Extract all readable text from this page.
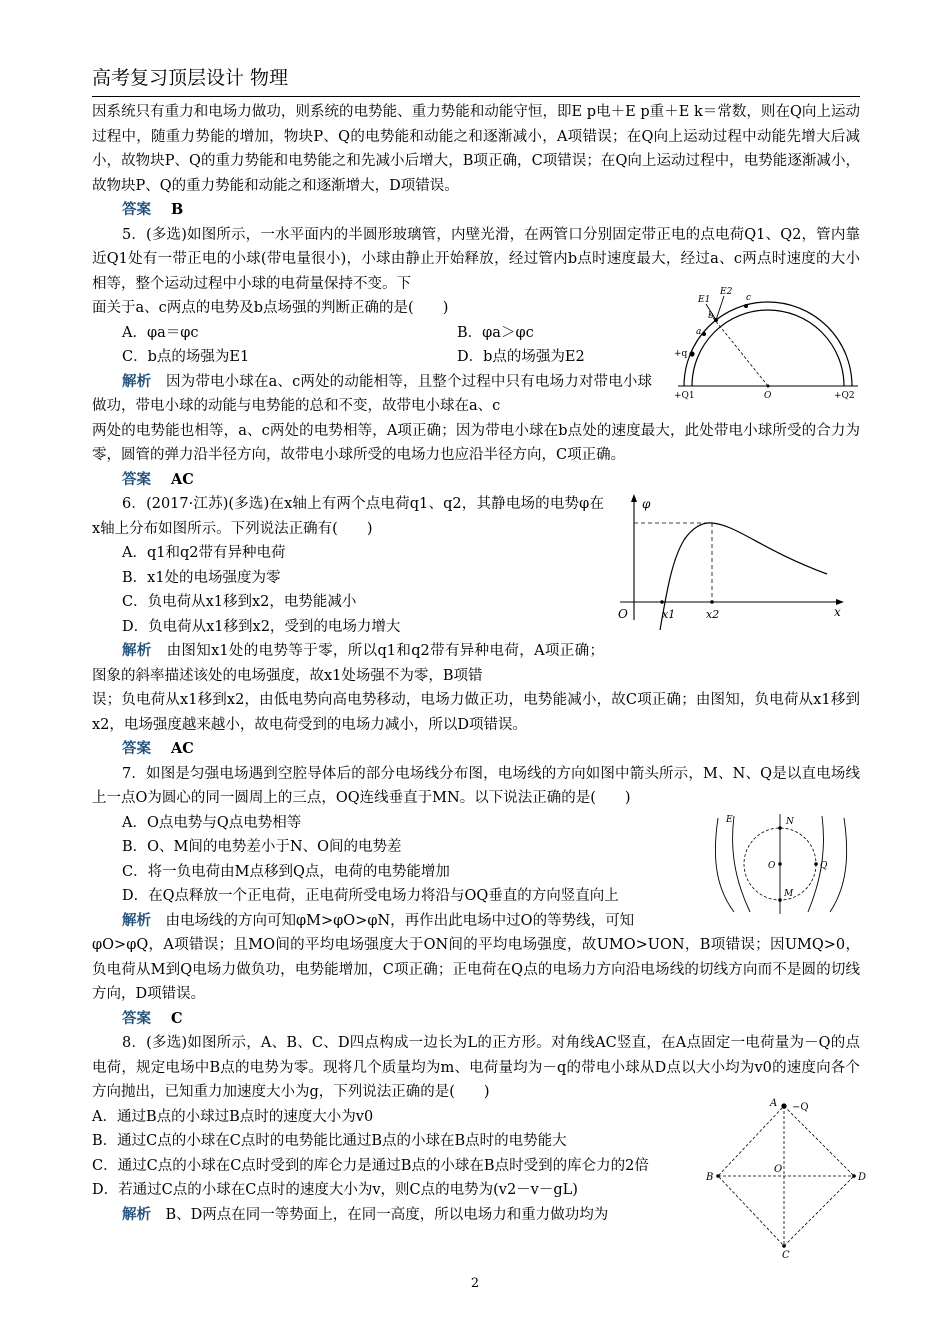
高考复习顶层设计 物理

因系统只有重力和电场力做功，则系统的电势能、重力势能和动能守恒，即E p电＋E p重＋E k＝常数，则在Q向上运动过程中，随重力势能的增加，物块P、Q的电势能和动能之和逐渐减小，A项错误；在Q向上运动过程中动能先增大后减小，故物块P、Q的重力势能和电势能之和先减小后增大，B项正确，C项错误；在Q向上运动过程中，电势能逐渐减小，故物块P、Q的重力势能和动能之和逐渐增大，D项错误。

答案 B

5．(多选)如图所示，一水平面内的半圆形玻璃管，内壁光滑，在两管口分别固定带正电的点电荷Q1、Q2，管内靠近Q1处有一带正电的小球(带电量很小)，小球由静止开始释放，经过管内b点时速度最大，经过a、c两点时速度的大小相等，整个运动过程中小球的电荷量保持不变。下

面关于a、c两点的电势及b点场强的判断正确的是(　　)

A．φa＝φc	B．φa＞φc
C．b点的场强为E1	D．b点的场强为E2

解析　 因为带电小球在a、c两处的动能相等，且整个过程中只有电场力对带电小球做功，带电小球的动能与电势能的总和不变，故带电小球在a、c

两处的电势能也相等，a、c两处的电势相等，A项正确；因为带电小球在b点处的速度最大，此处带电小球所受的合力为零，圆管的弹力沿半径方向，故带电小球所受的电场力也应沿半径方向，C项正确。

答案 AC

6．(2017·江苏)(多选)在x轴上有两个点电荷q1、q2，其静电场的电势φ在x轴上分布如图所示。下列说法正确有(　　)

A．q1和q2带有异种电荷
B．x1处的电场强度为零
C．负电荷从x1移到x2，电势能减小
D．负电荷从x1移到x2，受到的电场力增大

解析　 由图知x1处的电势等于零，所以q1和q2带有异种电荷，A项正确；图象的斜率描述该处的电场强度，故x1处场强不为零，B项错

误；负电荷从x1移到x2，由低电势向高电势移动，电场力做正功，电势能减小，故C项正确；由图知，负电荷从x1移到x2，电场强度越来越小，故电荷受到的电场力减小，所以D项错误。

答案 AC

7．如图是匀强电场遇到空腔导体后的部分电场线分布图，电场线的方向如图中箭头所示，M、N、Q是以直电场线上一点O为圆心的同一圆周上的三点，OQ连线垂直于MN。以下说法正确的是(　　)

A．O点电势与Q点电势相等
B．O、M间的电势差小于N、O间的电势差
C．将一负电荷由M点移到Q点，电荷的电势能增加
D．在Q点释放一个正电荷，正电荷所受电场力将沿与OQ垂直的方向竖直向上

解析　 由电场线的方向可知φM>φO>φN，再作出此电场中过O的等势线，可知

φO>φQ，A项错误；且MO间的平均电场强度大于ON间的平均电场强度，故UMO>UON，B项错误；因UMQ>0，负电荷从M到Q电场力做负功，电势能增加，C项正确；正电荷在Q点的电场力方向沿电场线的切线方向而不是圆的切线方向，D项错误。

答案 C

8．(多选)如图所示，A、B、C、D四点构成一边长为L的正方形。对角线AC竖直，在A点固定一电荷量为－Q的点电荷，规定电场中B点的电势为零。现将几个质量均为m、电荷量均为－q的带电小球从D点以大小均为v0的速度向各个方向抛出，已知重力加速度大小为g，下列说法正确的是(　　)

A．通过B点的小球过B点时的速度大小为v0
B．通过C点的小球在C点时的电势能比通过B点的小球在B点时的电势能大
C．通过C点的小球在C点时受到的库仑力是通过B点的小球在B点时受到的库仑力的2倍
D．若通过C点的小球在C点时的速度大小为v，则C点的电势为(v2－v－gL)

解析　 B、D两点在同一等势面上，在同一高度，所以电场力和重力做功均为

E2
E1	c
b
a
+q
+Q1	O	+Q2
φ
O	x1	x2	x
E	N
O	Q
M
A −Q
B
O
D
C
2
